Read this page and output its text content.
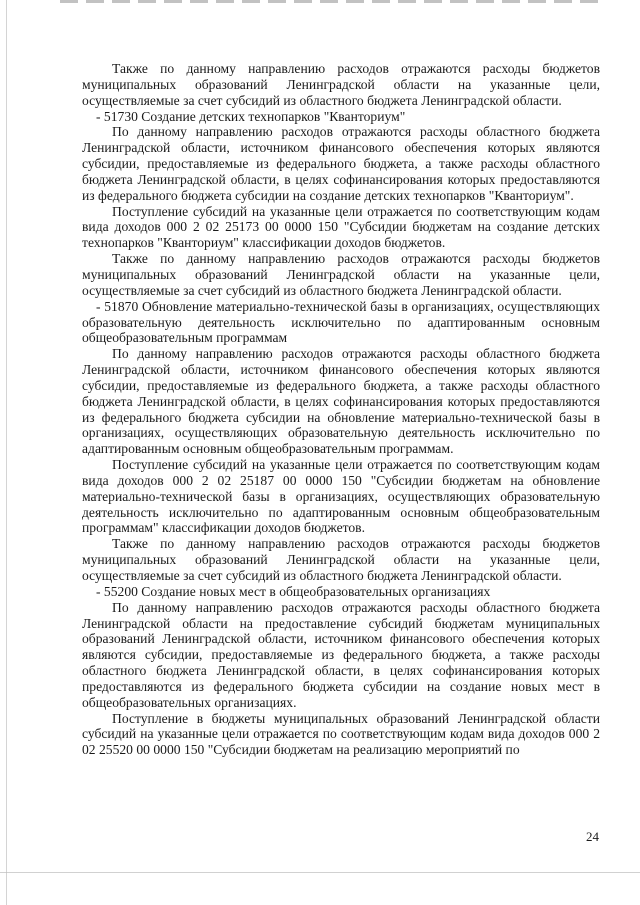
Также по данному направлению расходов отражаются расходы бюджетов муниципальных образований Ленинградской области на указанные цели, осуществляемые за счет субсидий из областного бюджета Ленинградской области.

- 51730 Создание детских технопарков "Кванториум"

По данному направлению расходов отражаются расходы областного бюджета Ленинградской области, источником финансового обеспечения которых являются субсидии, предоставляемые из федерального бюджета, а также расходы областного бюджета Ленинградской области, в целях софинансирования которых предоставляются из федерального бюджета субсидии на создание детских технопарков "Кванториум".

Поступление субсидий на указанные цели отражается по соответствующим кодам вида доходов 000 2 02 25173 00 0000 150 "Субсидии бюджетам на создание детских технопарков "Кванториум" классификации доходов бюджетов.

Также по данному направлению расходов отражаются расходы бюджетов муниципальных образований Ленинградской области на указанные цели, осуществляемые за счет субсидий из областного бюджета Ленинградской области.

- 51870 Обновление материально-технической базы в организациях, осуществляющих образовательную деятельность исключительно по адаптированным основным общеобразовательным программам

По данному направлению расходов отражаются расходы областного бюджета Ленинградской области, источником финансового обеспечения которых являются субсидии, предоставляемые из федерального бюджета, а также расходы областного бюджета Ленинградской области, в целях софинансирования которых предоставляются из федерального бюджета субсидии на обновление материально-технической базы в организациях, осуществляющих образовательную деятельность исключительно по адаптированным основным общеобразовательным программам.

Поступление субсидий на указанные цели отражается по соответствующим кодам вида доходов 000 2 02 25187 00 0000 150 "Субсидии бюджетам на обновление материально-технической базы в организациях, осуществляющих образовательную деятельность исключительно по адаптированным основным общеобразовательным программам" классификации доходов бюджетов.

Также по данному направлению расходов отражаются расходы бюджетов муниципальных образований Ленинградской области на указанные цели, осуществляемые за счет субсидий из областного бюджета Ленинградской области.

- 55200 Создание новых мест в общеобразовательных организациях

По данному направлению расходов отражаются расходы областного бюджета Ленинградской области на предоставление субсидий бюджетам муниципальных образований Ленинградской области, источником финансового обеспечения которых являются субсидии, предоставляемые из федерального бюджета, а также расходы областного бюджета Ленинградской области, в целях софинансирования которых предоставляются из федерального бюджета субсидии на создание новых мест в общеобразовательных организациях.

Поступление в бюджеты муниципальных образований Ленинградской области субсидий на указанные цели отражается по соответствующим кодам вида доходов 000 2 02 25520 00 0000 150 "Субсидии бюджетам на реализацию мероприятий по

24
